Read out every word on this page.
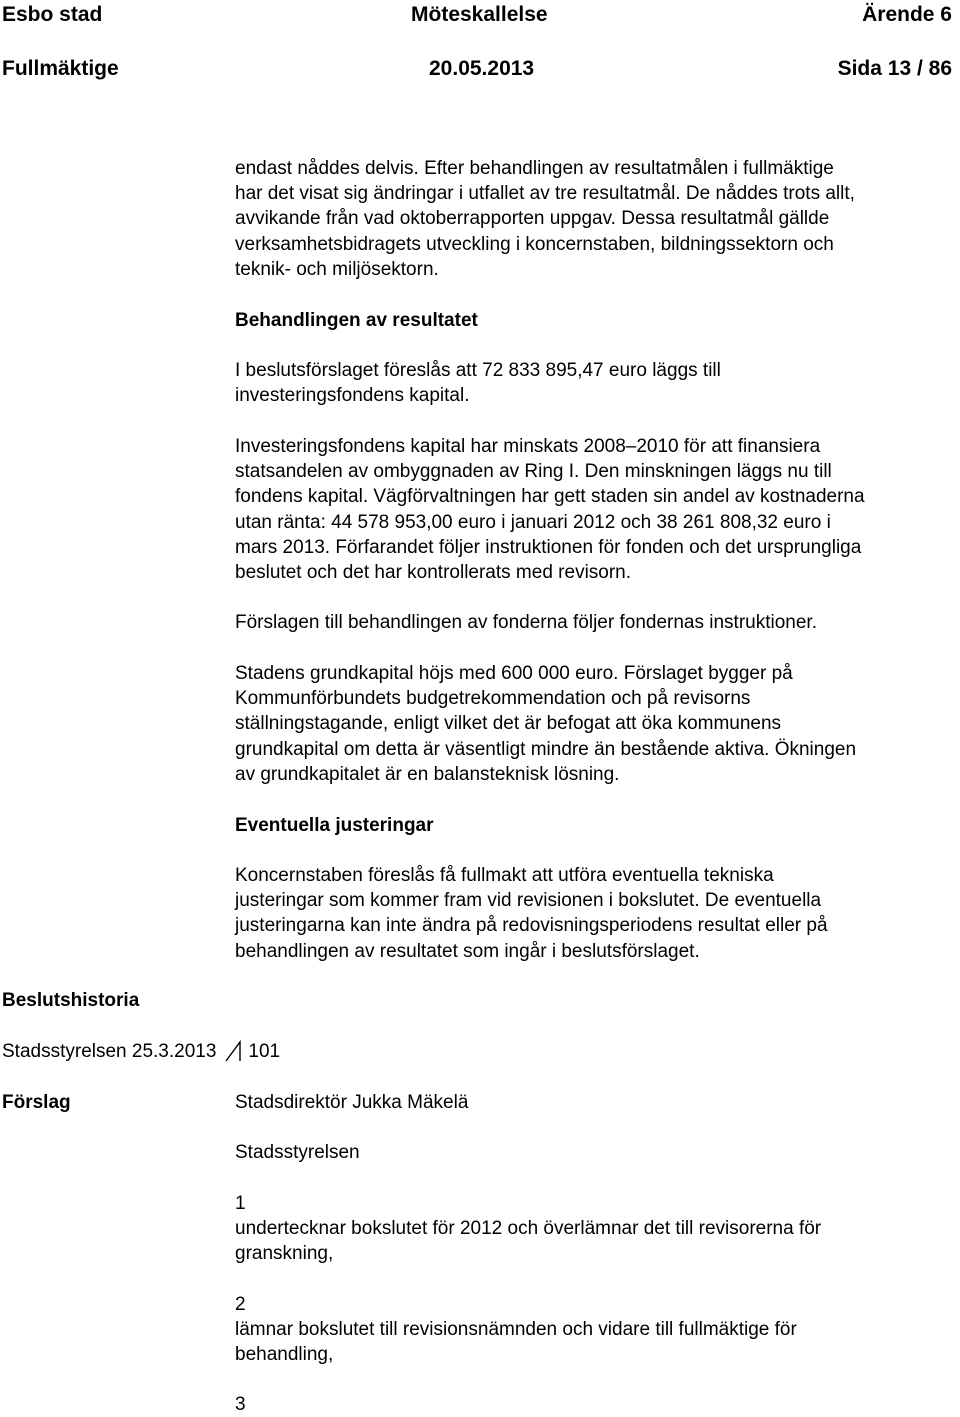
Esbo stad	Möteskallelse	Ärende 6
Fullmäktige	20.05.2013	Sida 13 / 86
endast nåddes delvis. Efter behandlingen av resultatmålen i fullmäktige
har det visat sig ändringar i utfallet av tre resultatmål. De nåddes trots allt,
avvikande från vad oktoberrapporten uppgav. Dessa resultatmål gällde
verksamhetsbidragets utveckling i koncernstaben, bildningssektorn och
teknik- och miljösektorn.
Behandlingen av resultatet
I beslutsförslaget föreslås att 72 833 895,47 euro läggs till
investeringsfondens kapital.
Investeringsfondens kapital har minskats 2008–2010 för att finansiera
statsandelen av ombyggnaden av Ring I. Den minskningen läggs nu till
fondens kapital. Vägförvaltningen har gett staden sin andel av kostnaderna
utan ränta: 44 578 953,00 euro i januari 2012 och 38 261 808,32 euro i
mars 2013. Förfarandet följer instruktionen för fonden och det ursprungliga
beslutet och det har kontrollerats med revisorn.
Förslagen till behandlingen av fonderna följer fondernas instruktioner.
Stadens grundkapital höjs med 600 000 euro. Förslaget bygger på
Kommunförbundets budgetrekommendation och på revisorns
ställningstagande, enligt vilket det är befogat att öka kommunens
grundkapital om detta är väsentligt mindre än bestående aktiva. Ökningen
av grundkapitalet är en balansteknisk lösning.
Eventuella justeringar
Koncernstaben föreslås få fullmakt att utföra eventuella tekniska
justeringar som kommer fram vid revisionen i bokslutet. De eventuella
justeringarna kan inte ändra på redovisningsperiodens resultat eller på
behandlingen av resultatet som ingår i beslutsförslaget.
Beslutshistoria
Stadsstyrelsen 25.3.2013 101
Förslag	Stadsdirektör Jukka Mäkelä
Stadsstyrelsen
1
undertecknar bokslutet för 2012 och överlämnar det till revisorerna för
granskning,
2
lämnar bokslutet till revisionsnämnden och vidare till fullmäktige för
behandling,
3
